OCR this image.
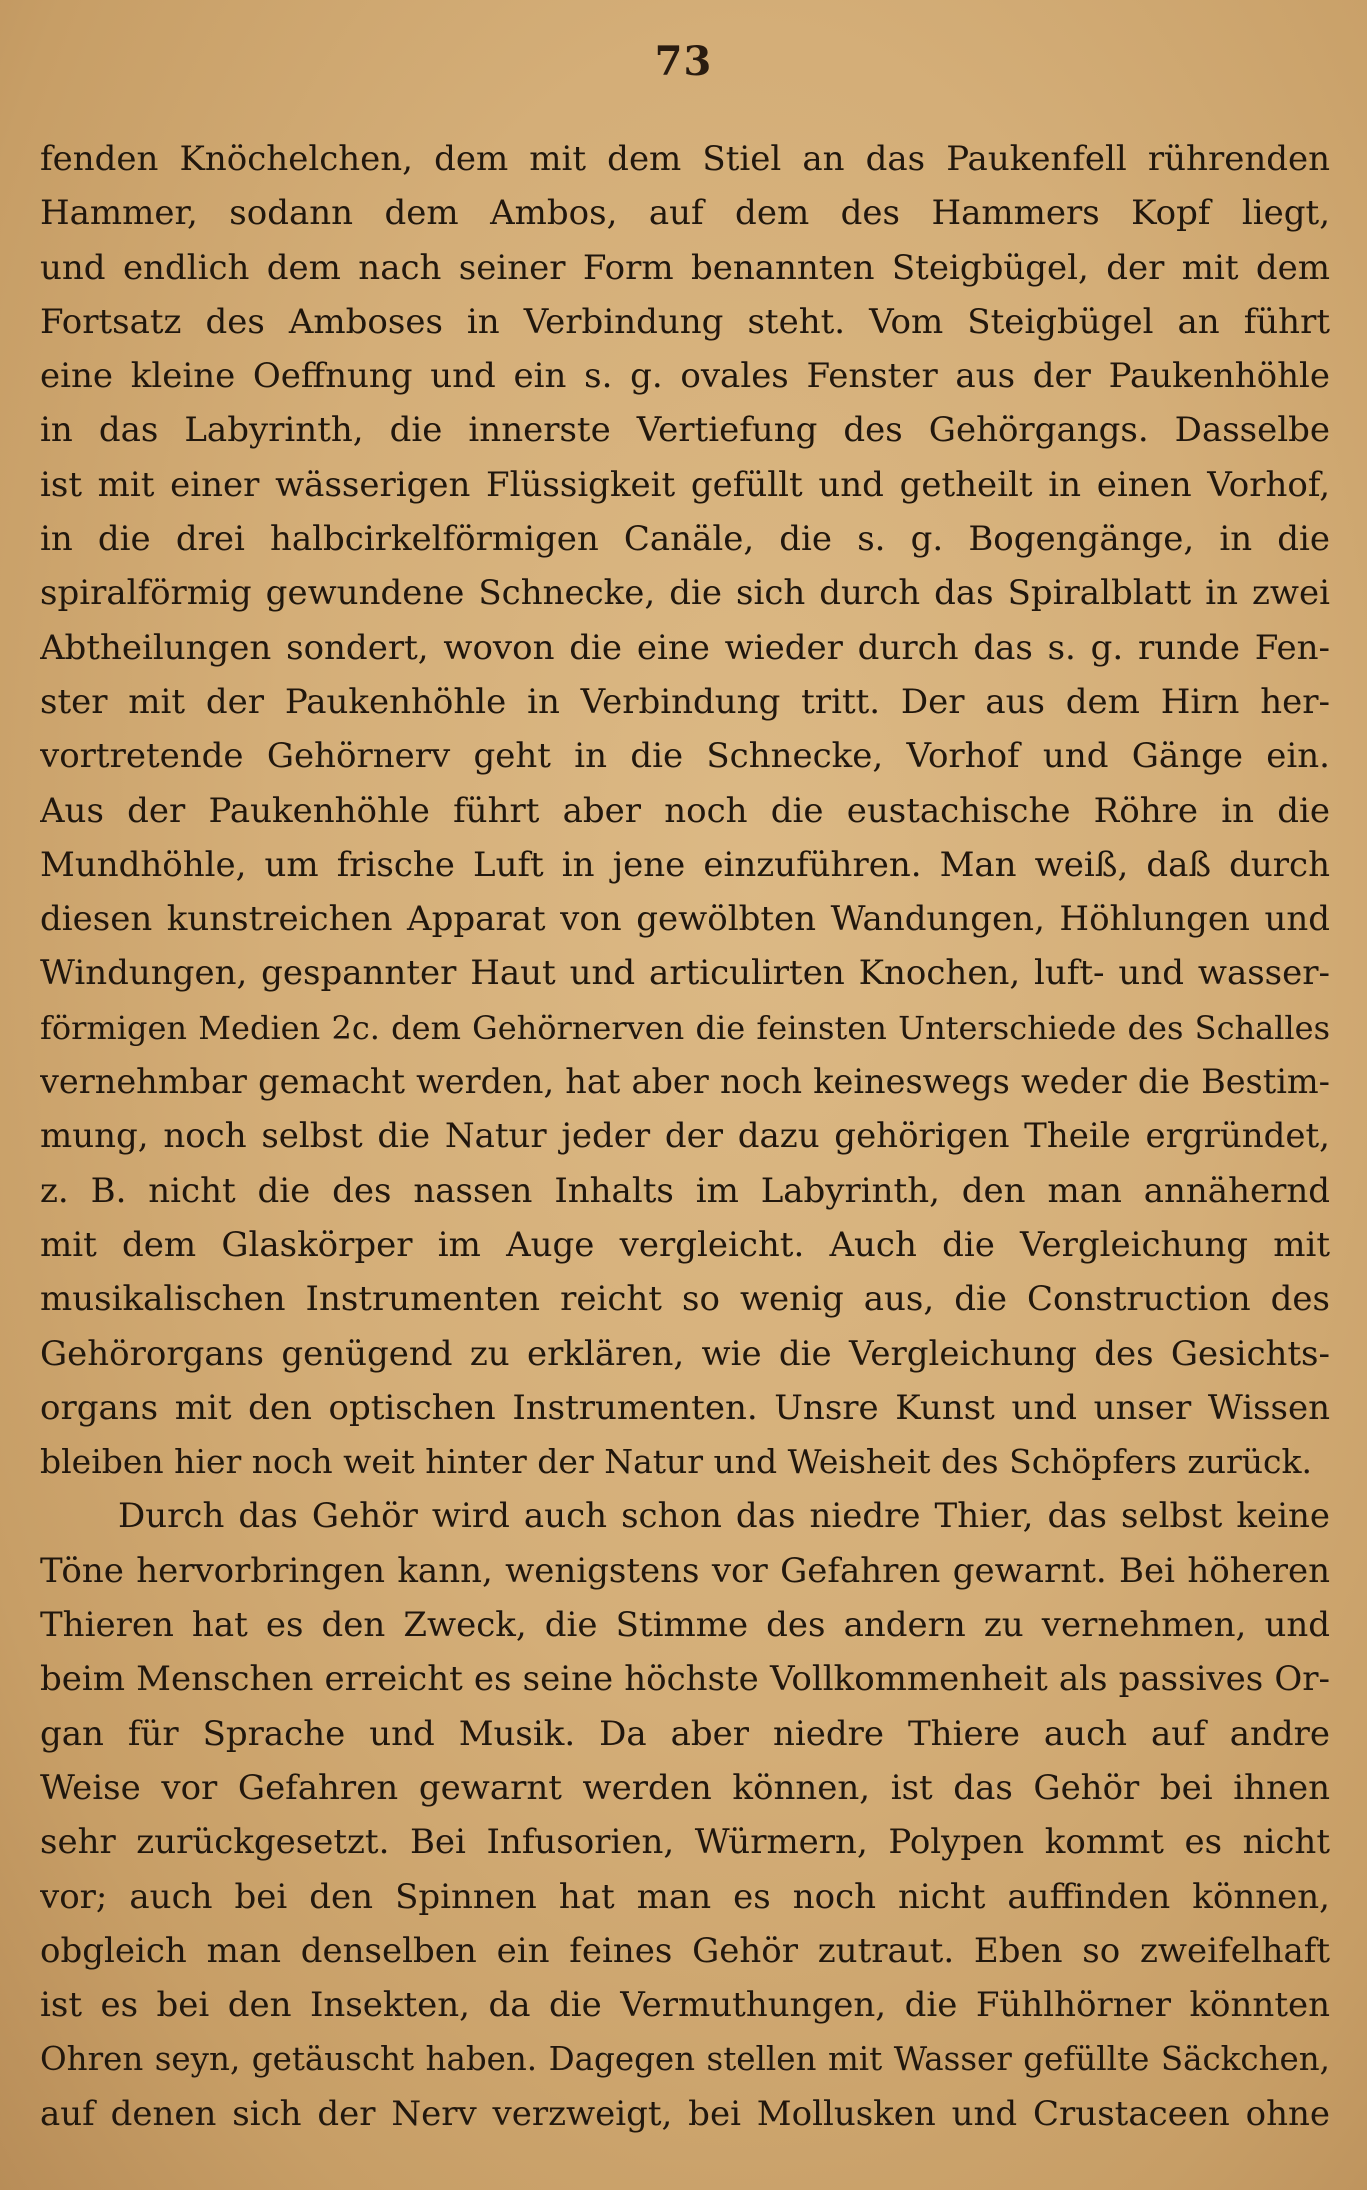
73
fenden Knöchelchen, dem mit dem Stiel an das Paukenfell rührenden
Hammer, sodann dem Ambos, auf dem des Hammers Kopf liegt,
und endlich dem nach seiner Form benannten Steigbügel, der mit dem
Fortsatz des Amboses in Verbindung steht. Vom Steigbügel an führt
eine kleine Oeffnung und ein s. g. ovales Fenster aus der Paukenhöhle
in das Labyrinth, die innerste Vertiefung des Gehörgangs. Dasselbe
ist mit einer wässerigen Flüssigkeit gefüllt und getheilt in einen Vorhof,
in die drei halbcirkelförmigen Canäle, die s. g. Bogengänge, in die
spiralförmig gewundene Schnecke, die sich durch das Spiralblatt in zwei
Abtheilungen sondert, wovon die eine wieder durch das s. g. runde Fen-
ster mit der Paukenhöhle in Verbindung tritt. Der aus dem Hirn her-
vortretende Gehörnerv geht in die Schnecke, Vorhof und Gänge ein.
Aus der Paukenhöhle führt aber noch die eustachische Röhre in die
Mundhöhle, um frische Luft in jene einzuführen. Man weiß, daß durch
diesen kunstreichen Apparat von gewölbten Wandungen, Höhlungen und
Windungen, gespannter Haut und articulirten Knochen, luft- und wasser-
förmigen Medien 2c. dem Gehörnerven die feinsten Unterschiede des Schalles
vernehmbar gemacht werden, hat aber noch keineswegs weder die Bestim-
mung, noch selbst die Natur jeder der dazu gehörigen Theile ergründet,
z. B. nicht die des nassen Inhalts im Labyrinth, den man annähernd
mit dem Glaskörper im Auge vergleicht. Auch die Vergleichung mit
musikalischen Instrumenten reicht so wenig aus, die Construction des
Gehörorgans genügend zu erklären, wie die Vergleichung des Gesichts-
organs mit den optischen Instrumenten. Unsre Kunst und unser Wissen
bleiben hier noch weit hinter der Natur und Weisheit des Schöpfers zurück.
Durch das Gehör wird auch schon das niedre Thier, das selbst keine
Töne hervorbringen kann, wenigstens vor Gefahren gewarnt. Bei höheren
Thieren hat es den Zweck, die Stimme des andern zu vernehmen, und
beim Menschen erreicht es seine höchste Vollkommenheit als passives Or-
gan für Sprache und Musik. Da aber niedre Thiere auch auf andre
Weise vor Gefahren gewarnt werden können, ist das Gehör bei ihnen
sehr zurückgesetzt. Bei Infusorien, Würmern, Polypen kommt es nicht
vor; auch bei den Spinnen hat man es noch nicht auffinden können,
obgleich man denselben ein feines Gehör zutraut. Eben so zweifelhaft
ist es bei den Insekten, da die Vermuthungen, die Fühlhörner könnten
Ohren seyn, getäuscht haben. Dagegen stellen mit Wasser gefüllte Säckchen,
auf denen sich der Nerv verzweigt, bei Mollusken und Crustaceen ohne
